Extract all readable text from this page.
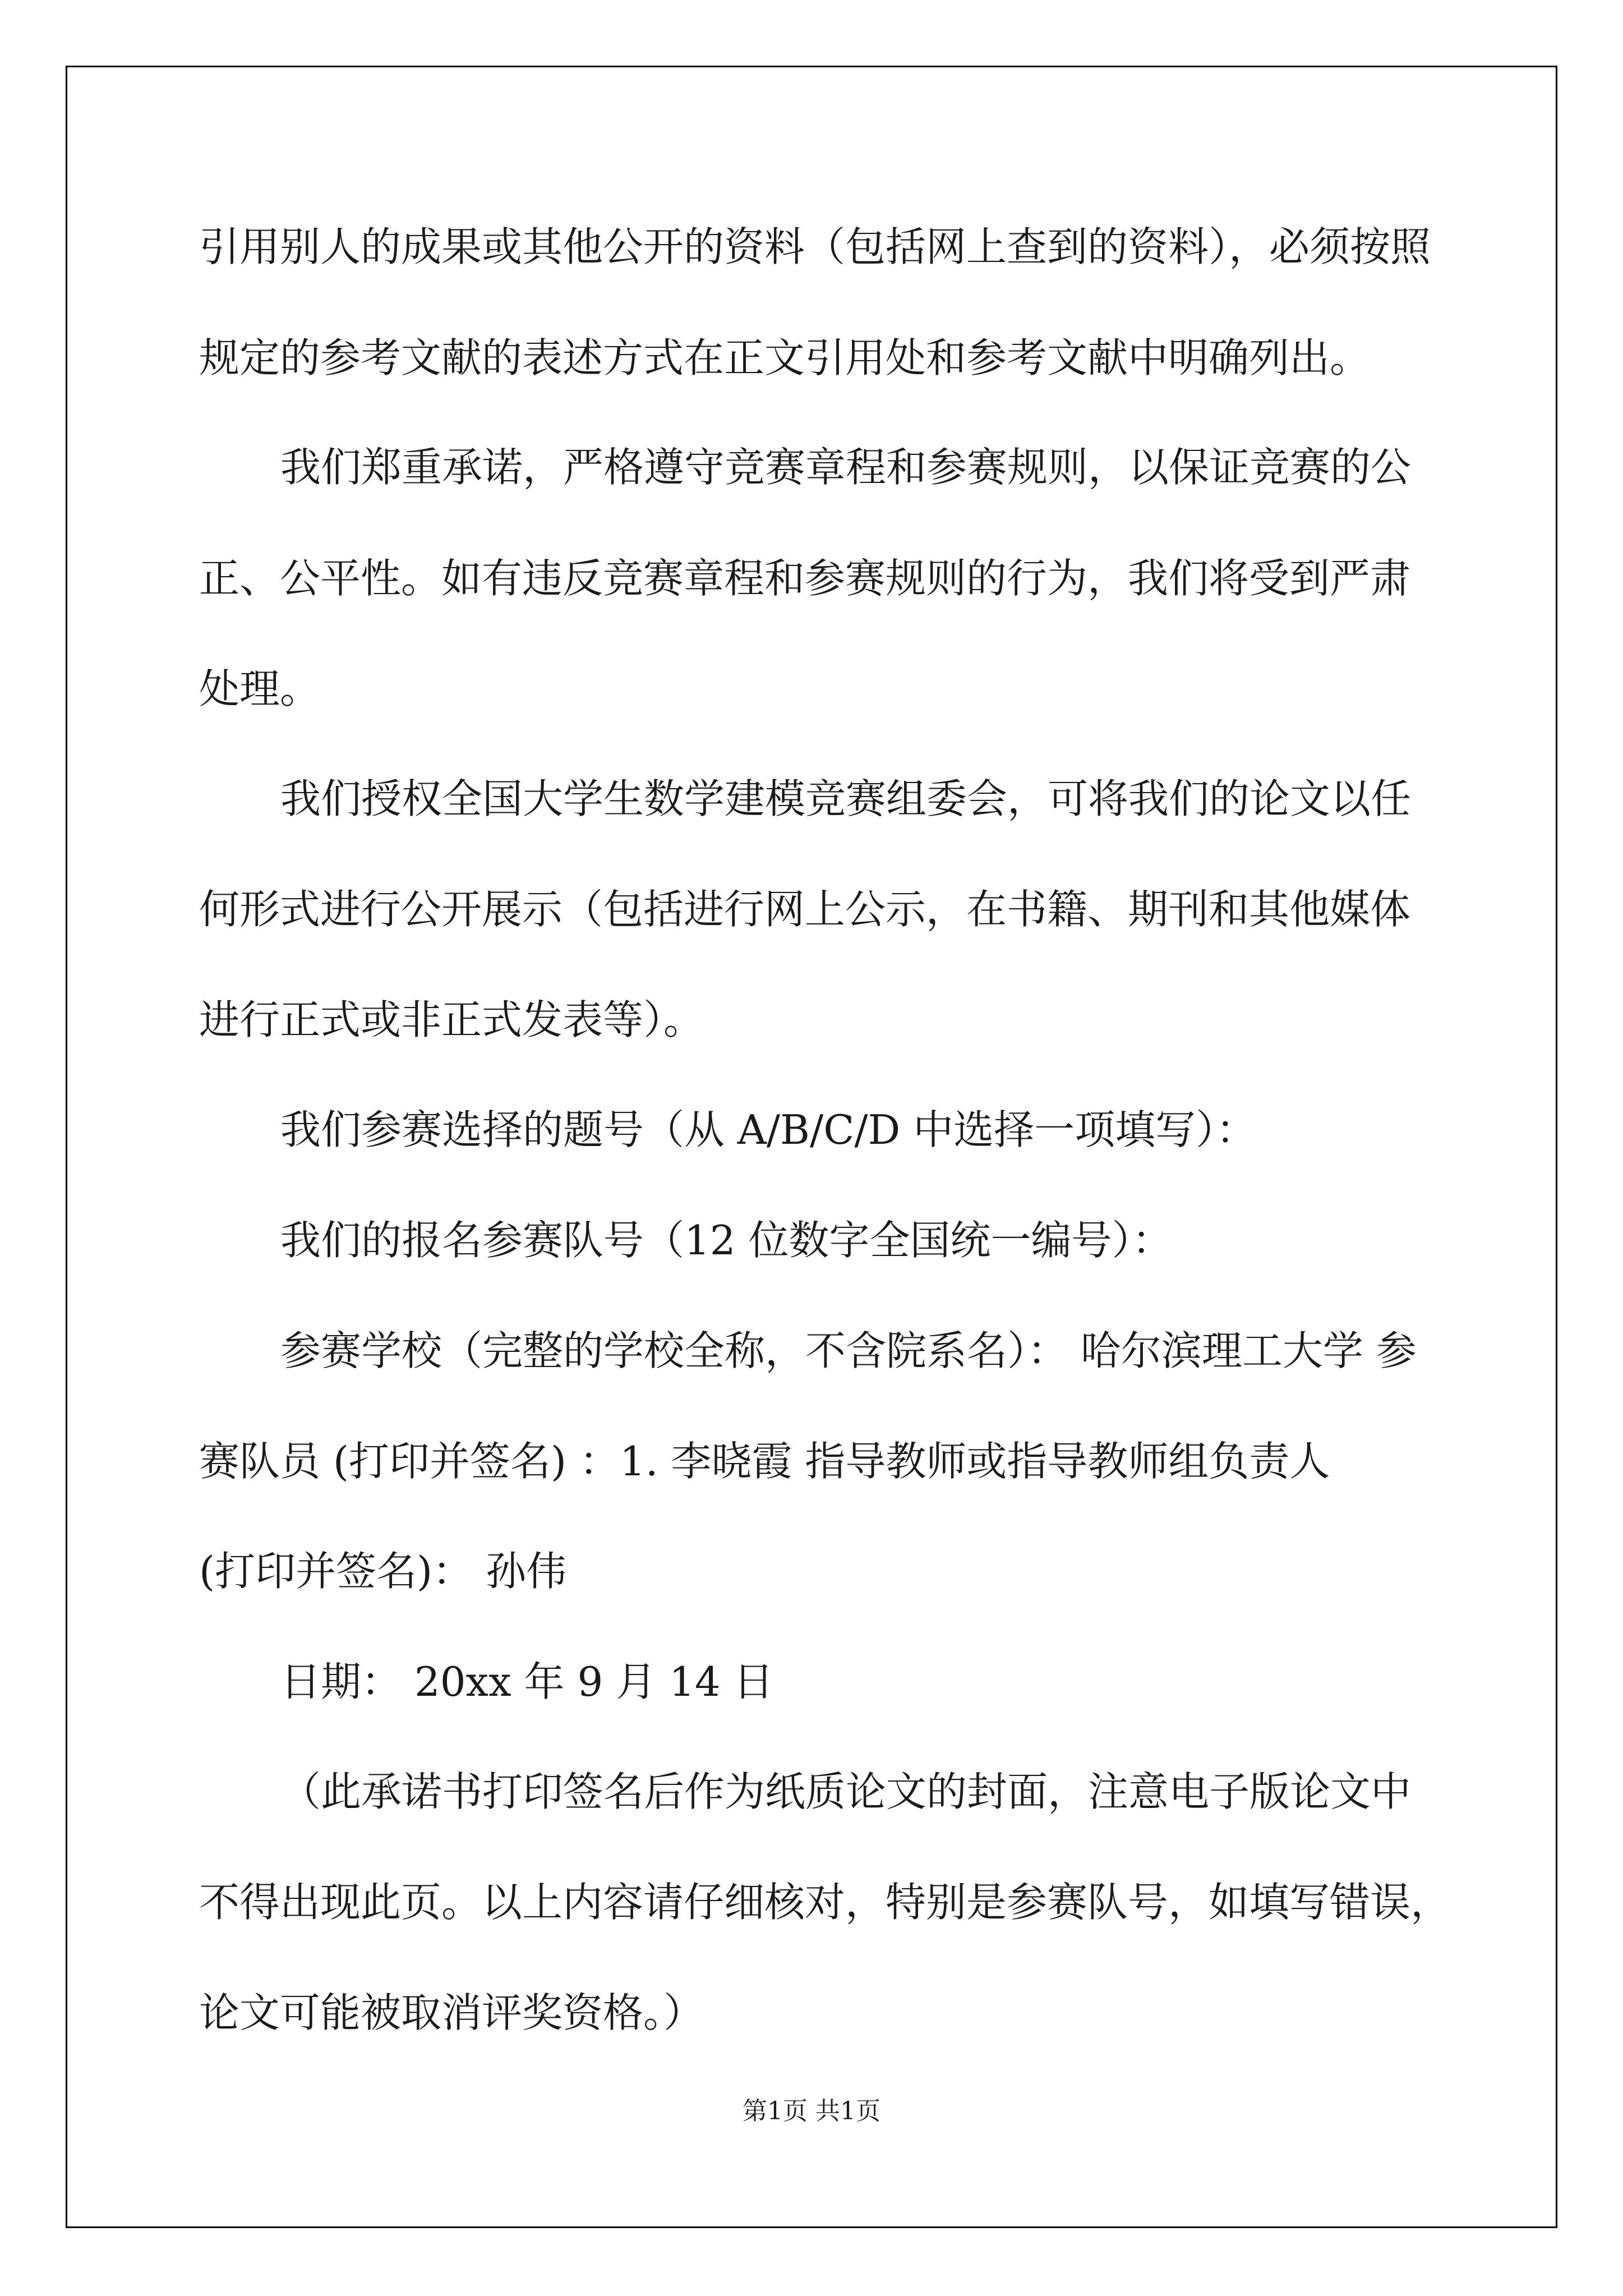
引用别人的成果或其他公开的资料（包括网上查到的资料），必须按照
规定的参考文献的表述方式在正文引用处和参考文献中明确列出。
我们郑重承诺，严格遵守竞赛章程和参赛规则，以保证竞赛的公
正、公平性。如有违反竞赛章程和参赛规则的行为，我们将受到严肃
处理。
我们授权全国大学生数学建模竞赛组委会，可将我们的论文以任
何形式进行公开展示（包括进行网上公示，在书籍、期刊和其他媒体
进行正式或非正式发表等）。
我们参赛选择的题号（从 A/B/C/D 中选择一项填写）：
我们的报名参赛队号（12 位数字全国统一编号）：
参赛学校（完整的学校全称，不含院系名）： 哈尔滨理工大学 参
赛队员 (打印并签名) ：1. 李晓霞 指导教师或指导教师组负责人
(打印并签名)： 孙伟
日期： 20xx 年 9 月 14 日
（此承诺书打印签名后作为纸质论文的封面，注意电子版论文中
不得出现此页。以上内容请仔细核对，特别是参赛队号，如填写错误，
论文可能被取消评奖资格。）
第1页 共1页
